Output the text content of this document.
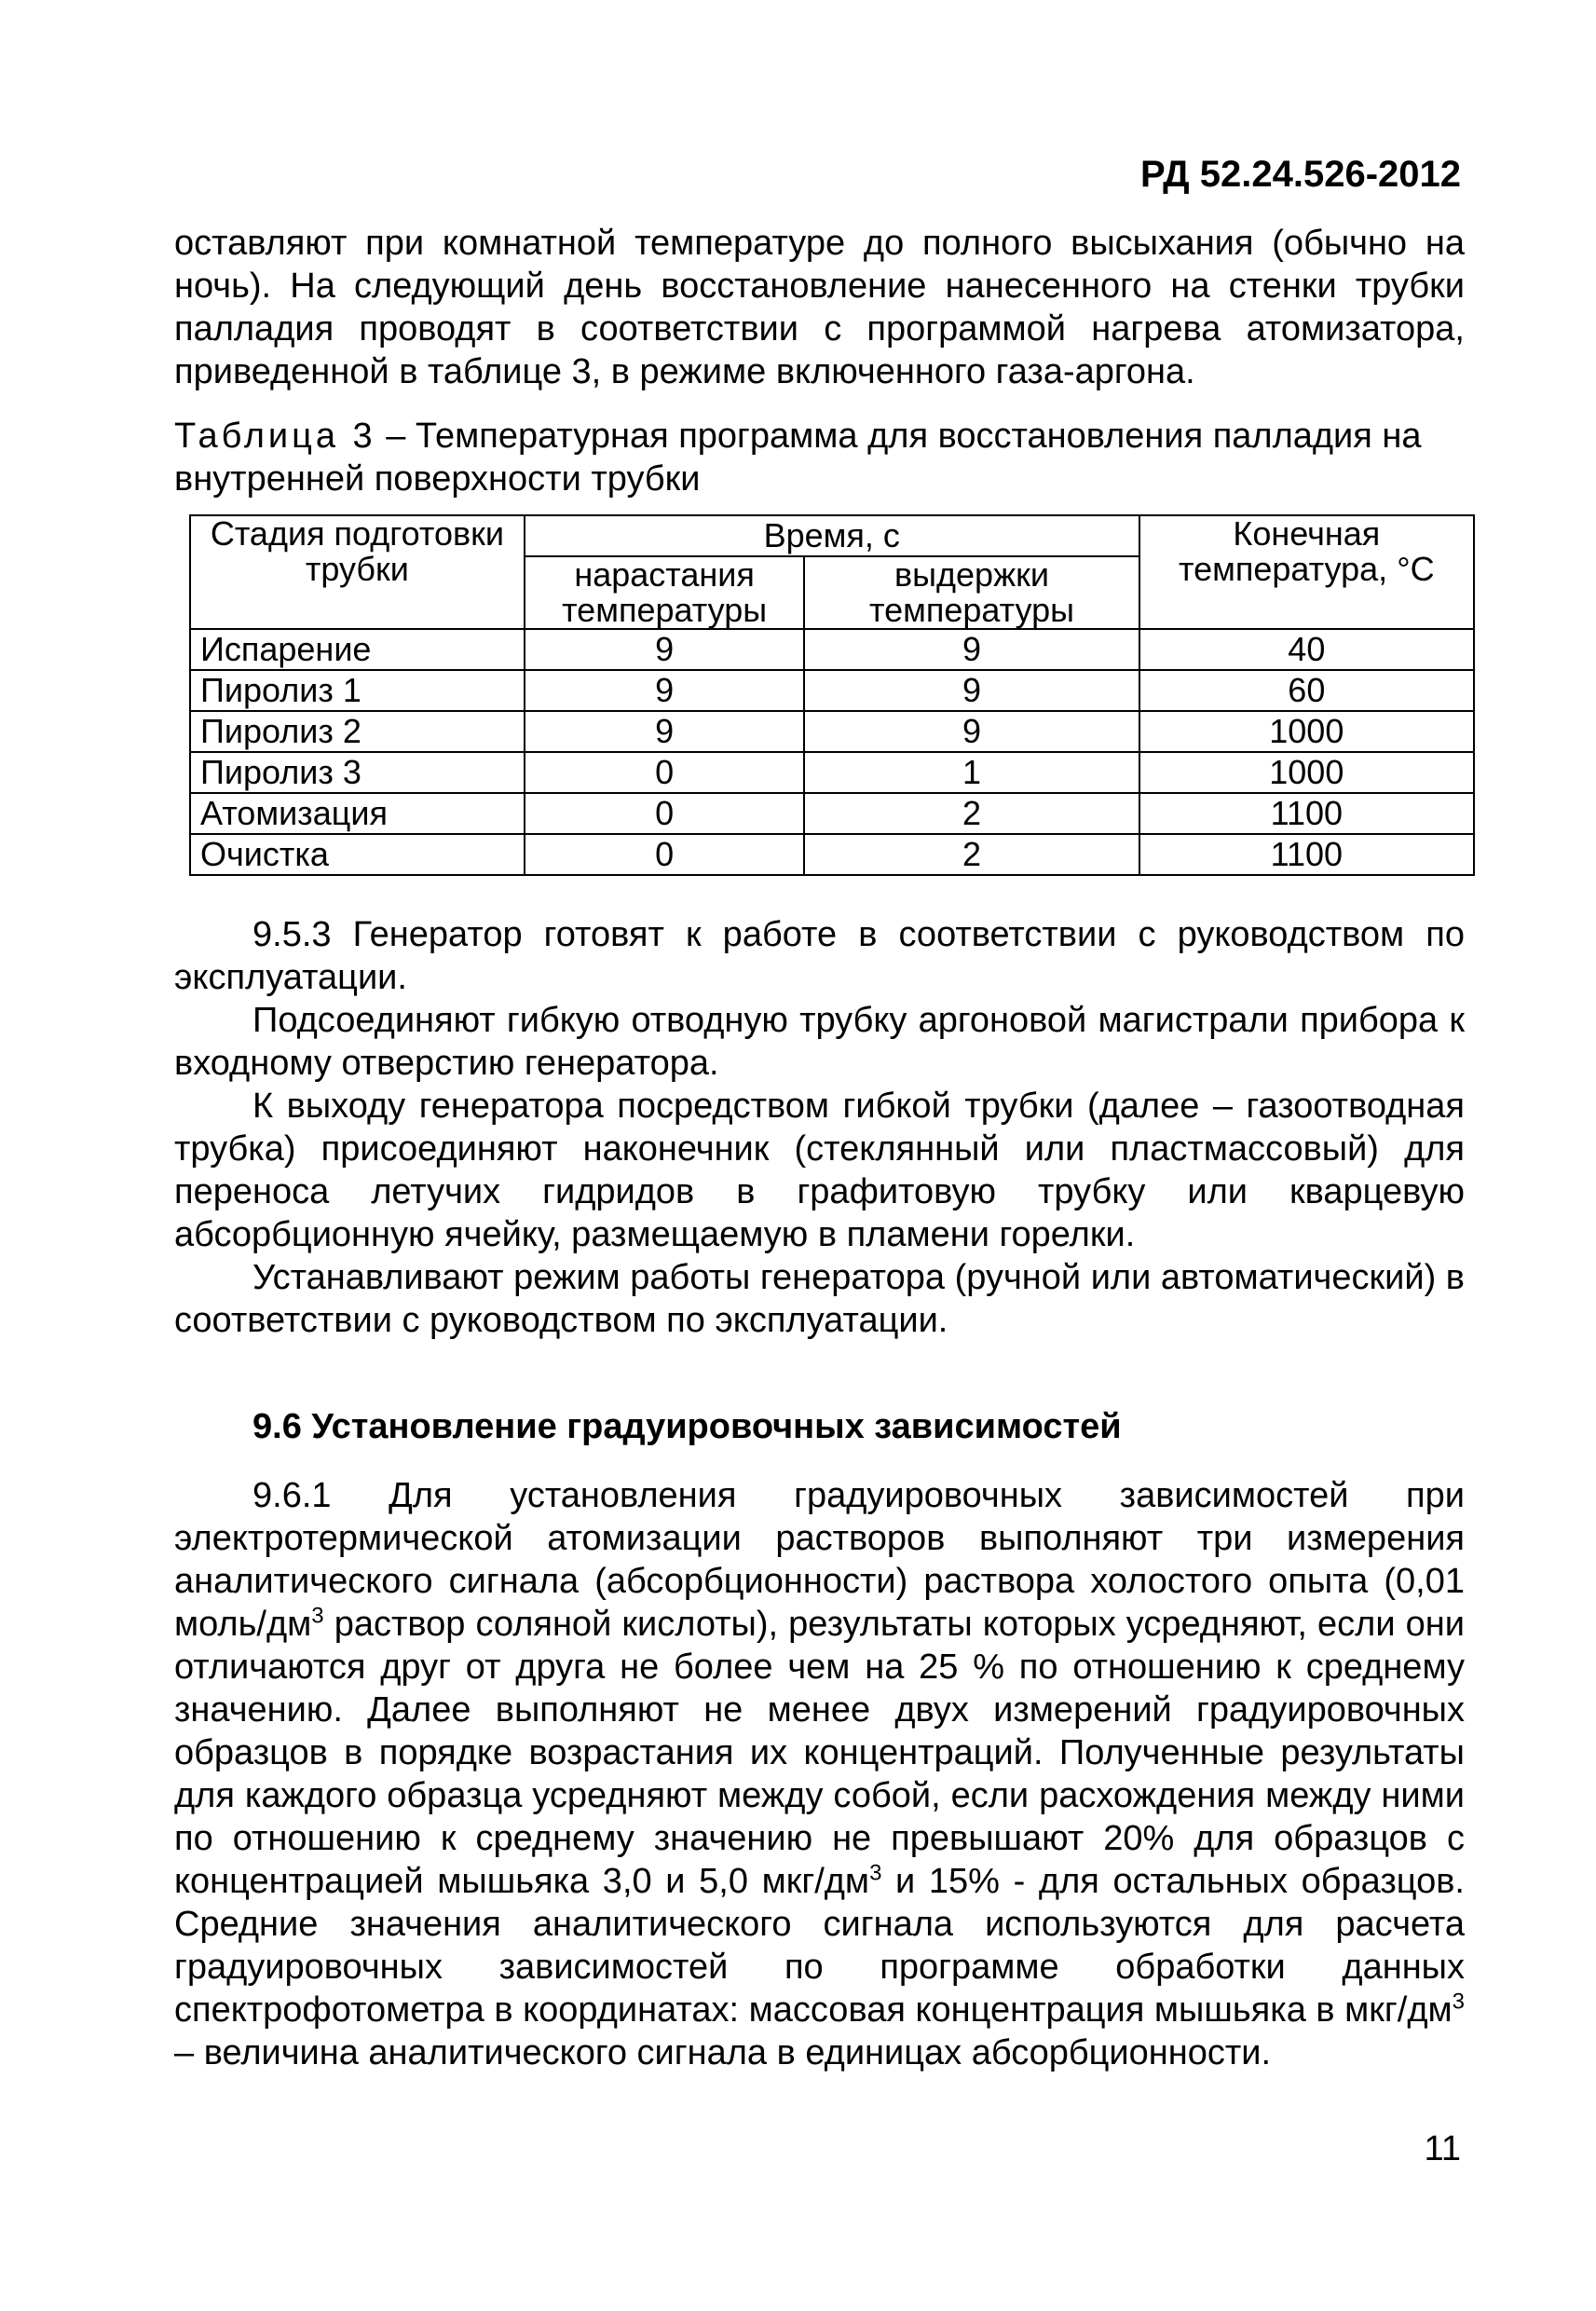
РД 52.24.526-2012

оставляют при комнатной температуре до полного высыхания (обычно на ночь). На следующий день восстановление нанесенного на стенки трубки палладия проводят в соответствии с программой нагрева атомизатора, приведенной в таблице 3, в режиме включенного газа-аргона.

Таблица 3 – Температурная программа для восстановления палладия на внутренней поверхности трубки

Стадия подготовки трубки	Время, с		Конечная температура, °С
	нарастания температуры	выдержки температуры	
Испарение	9	9	40
Пиролиз 1	9	9	60
Пиролиз 2	9	9	1000
Пиролиз 3	0	1	1000
Атомизация	0	2	1100
Очистка	0	2	1100

9.5.3 Генератор готовят к работе в соответствии с руководством по эксплуатации.

Подсоединяют гибкую отводную трубку аргоновой магистрали прибора к входному отверстию генератора.

К выходу генератора посредством гибкой трубки (далее – газоотводная трубка) присоединяют наконечник (стеклянный или пластмассовый) для переноса летучих гидридов в графитовую трубку или кварцевую абсорбционную ячейку, размещаемую в пламени горелки.

Устанавливают режим работы генератора (ручной или автоматический) в соответствии с руководством по эксплуатации.

9.6 Установление градуировочных зависимостей

9.6.1 Для установления градуировочных зависимостей при электротермической атомизации растворов выполняют три измерения аналитического сигнала (абсорбционности) раствора холостого опыта (0,01 моль/$дм^3$ раствор соляной кислоты), результаты которых усредняют, если они отличаются друг от друга не более чем на 25 % по отношению к среднему значению. Далее выполняют не менее двух измерений градуировочных образцов в порядке возрастания их концентраций. Полученные результаты для каждого образца усредняют между собой, если расхождения между ними по отношению к среднему значению не превышают 20% для образцов с концентрацией мышьяка 3,0 и 5,0 мкг/$дм^3$ и 15% - для остальных образцов. Средние значения аналитического сигнала используются для расчета градуировочных зависимостей по программе обработки данных спектрофотометра в координатах: массовая концентрация мышьяка в мкг/$дм^3$ – величина аналитического сигнала в единицах абсорбционности.

11
